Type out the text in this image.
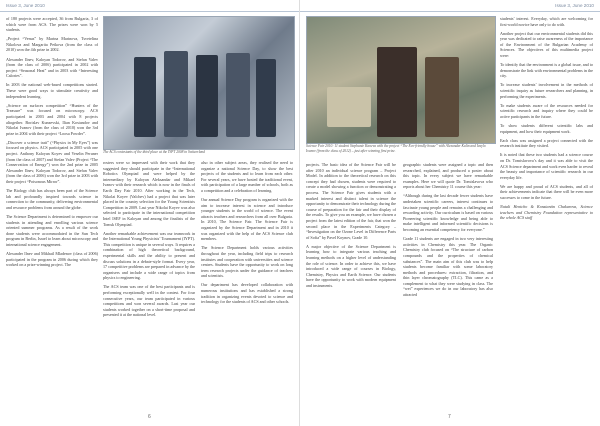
Issue 3, June 2010

of 180 projects were accepted, 36 from Bulgaria, 3 of which were from ACS. The prizes were won by 5 students.

„Project “Venus” by Marina Marinova, Tsvetelina Nikolova and Margarita Petkova (from the class of 2010) won the 4th prize in 2002.

Alexander Ilnev, Kaloyan Todorov, and Stefan Valev (from the class of 2006) participated in 2002 with project “Seasonal Heat” and in 2003 with “Interesting Calories”.

In 2003 the national web-based competitions started. These were good ways to stimulate creativity and independent learning.

„Science on surfaces competition” “Hunters of the Treasure” was focused on microscopy. ACS participated in 2003 and 2004 with 8 projects altogether. Borislav Kunzevski, Ilian Kostandov and Nikolai Ivanov (from the class of 2010) won the 3rd prize in 2004 with their project “Loosa Powder”.

„Discover a science trait” (“Physics in My Eyes”) was focused on physics. ACS participated in 2005 with one project. Anthony Kaloyan Koyev and Veselin Peruner (from the class of 2007) and Stefan Valev (Project “The Conservation of Energy”) won the 2nd prize in 2005 Alexander Ilnev, Kaloyan Todorov, and Stefan Valev (from the class of 2006) won the 3rd prize in 2003 with their project “Poisonous Mirror”.

The Biology club has always been part of the Science lab and profoundly inspired towards science in connection to the community, delivering environmental and resource problems from around the globe.

The Science Department is determined to empower our students in attending and enrolling various science oriented summer programs. As a result of the work done students were accommodated in the Sun Tech program in Berlin, Israel to learn about microscopy and international science engagement.

Alexander Ilnev and Mikhail Mladenov (class of 2006) participated in the program in 2006 during which they worked on a prize-winning project. The

The ACS contestants of the third place at the IYPT 2008 in Switzerland

rosters were so impressed with their work that they suggested they should participate in the “International Robotics Olympiad and were helped by the intermediary by Kaloyan Aleksandar and Mikael Ivanov with their research which is now in the finals of Earth Day Fair 2010. After working in the Tech, Nikolai Koyev (Valchev) had a project that was later placed in the country selection for the Young Scientists Competition in 2009. Last year Nikolai Koyev was also selected to participate in the international competition Intel ISEF in Kaloyan and among the finalists of the Tomsk Olympiad.

Another remarkable achievement was our teamwork in the International Young Physicists’ Tournament (IYPT). This competition is unique in several ways. It requires a combination of high theoretical background, experimental skills and the ability to present and discuss solutions in a debate-style format. Every year, 17 competitive problems are prepared in advance by the organisers and include a wide range of topics from physics to engineering.

The ACS team was one of the best participants and is performing exceptionally well in the contest. For four consecutive years, our team participated in various competitions and won several awards. Last year our students worked together on a short-time proposal and presented it at the national level.

also in other subject areas, they realised the need to organize a national Science Day, to show the best projects of the students and to learn from each other. For several years, we have hosted the traditional event, with participation of a large number of schools, both as a competition and a celebration of learning.

Our annual Science Day program is organized with the aim to increase interest in science and introduce younger students to the world of science. The event attracts teachers and researchers from all over Bulgaria. In 2010, The Science Fair. The Science Fair is organized by the Science Department and in 2010 it was organized with the help of the ACS Science club members.

The Science Department holds various activities throughout the year, including field trips to research institutes and cooperation with universities and science centres. Students have the opportunity to work on long term research projects under the guidance of teachers and scientists.

Our department has developed collaboration with numerous institutions and has established a strong tradition in organizing events devoted to science and technology for the students of ACS and other schools.

6
Issue 3, June 2010
Science Fair 2010: 11 student Stephanie Kaneva with the project “The Eco-friendly house” with Alexandar Kalin and Ivaylo Ivanov (from the class of 2012) – just after winning first prize.

projects. The basic idea of the Science Fair will be after 2010 an individual science program – Project Model. In addition to the theoretical research on this concept they had chosen, students were required to create a model showing a function or demonstrating a process. The Science Fair gives students with a marked interest and distinct talent in science the opportunity to demonstrate their technology during the course of preparation for the fair and their display of the results. To give you an example, we have chosen a project from the latest edition of the fair, that won the second place in the Experiments Category – “Investigation on the Ozone Level in Difference Parts of Sofia” by Pavel Koynov, Grade 10.

A major objective of the Science Department is learning how to integrate various teaching and learning methods on a higher level of understanding the role of science. In order to achieve this, we have introduced a wide range of courses in Biology, Chemistry, Physics and Earth Science. Our students have the opportunity to work with modern equipment and instruments.

geographic students were assigned a topic and then researched, explained, and produced a poster about this topic. In every subject we have remarkable examples. Here we will quote Dr. Tomislavova who reports about her Chemistry 11 course this year:

“Although during the last decade fewer students have undertaken scientific careers, interest continues to fascinate young people and remains a challenging and rewarding activity. Our curriculum is based on various Pioneering scientific knowledge and being able to make intelligent and informed scientific decisions is becoming an essential competency for everyone.”

Grade 11 students are engaged in two very interesting activities in Chemistry this year. The Organic Chemistry club focused on “The structure of carbon compounds and the properties of chemical substances”. The main aim of this club was to help students become familiar with some laboratory methods and procedures: extraction, filtration, and thin layer chromatography (TLC). This came as a complement to what they were studying in class. The “wet” experiences we do in our laboratory has also attracted

students’ interest. Everyday, which are welcoming for first-world novice have only to do with.

Another project that our environmental students did this year was dedicated to raise awareness of the importance of the Environment of the Bulgarian Academy of Sciences. The objectives of this multimedia project were:

To identify that the environment is a global issue, and to demonstrate the link with environmental problems in the city.

To increase students’ involvement in the methods of scientific inquiry as future researchers and planning, in performing the experiments.

To make students aware of the resources needed for scientific research and inquiry where they could be active participants in the future.

To show students different scientific labs and equipment, and how their equipment work.

Each class was assigned a project connected with the research institute they visited.

It is noted that these two students had a science course on Dr. Tomislavova’s day and it was able to visit the ACS Science department and work even harder to reveal the beauty and importance of scientific research in our everyday life.

We are happy and proud of ACS students, and all of their achievements indicate that there will be even more successes to come in the future.

Natali Hentcho & Konstantin Chakarova, Science teachers and Chemistry Foundation representative to the whole ACS staff

7
